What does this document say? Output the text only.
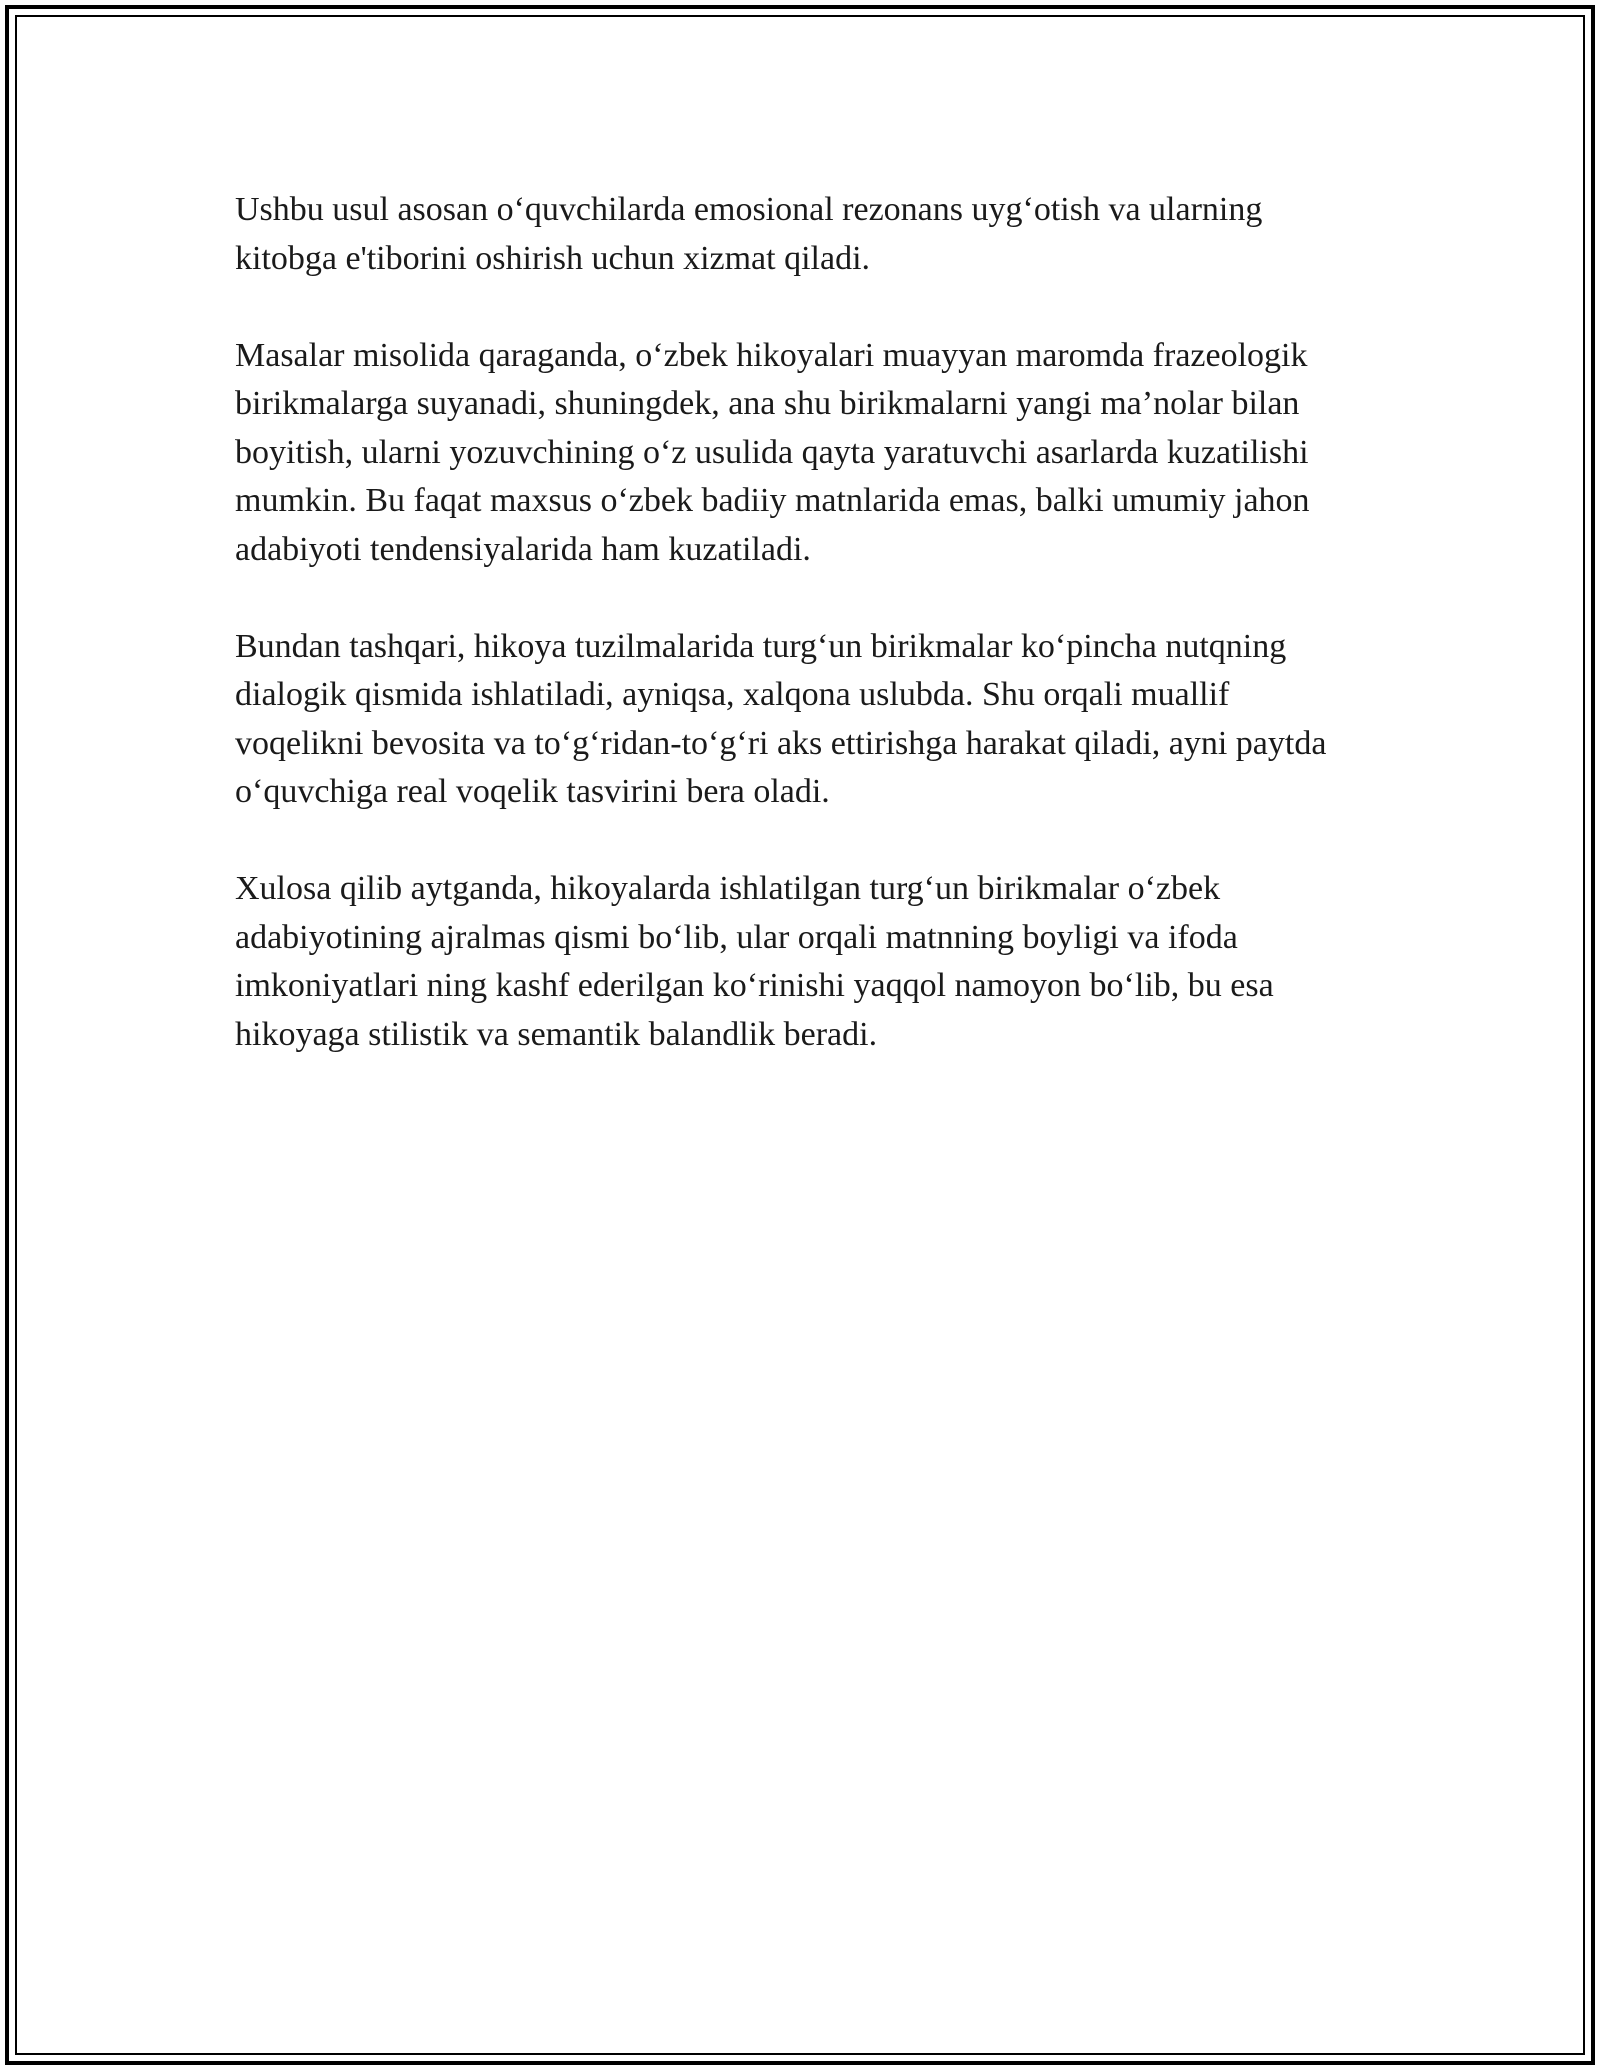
Ushbu usul asosan o‘quvchilarda emosional rezonans uyg‘otish va ularning kitobga e'tiborini oshirish uchun xizmat qiladi.

Masalar misolida qaraganda, o‘zbek hikoyalari muayyan maromda frazeologik birikmalarga suyanadi, shuningdek, ana shu birikmalarni yangi ma’nolar bilan boyitish, ularni yozuvchining o‘z usulida qayta yaratuvchi asarlarda kuzatilishi mumkin. Bu faqat maxsus o‘zbek badiiy matnlarida emas, balki umumiy jahon adabiyoti tendensiyalarida ham kuzatiladi.

Bundan tashqari, hikoya tuzilmalarida turg‘un birikmalar ko‘pincha nutqning dialogik qismida ishlatiladi, ayniqsa, xalqona uslubda. Shu orqali muallif voqelikni bevosita va to‘g‘ridan-to‘g‘ri aks ettirishga harakat qiladi, ayni paytda o‘quvchiga real voqelik tasvirini bera oladi.

Xulosa qilib aytganda, hikoyalarda ishlatilgan turg‘un birikmalar o‘zbek adabiyotining ajralmas qismi bo‘lib, ular orqali matnning boyligi va ifoda imkoniyatlari ning kashf ederilgan ko‘rinishi yaqqol namoyon bo‘lib, bu esa hikoyaga stilistik va semantik balandlik beradi.
